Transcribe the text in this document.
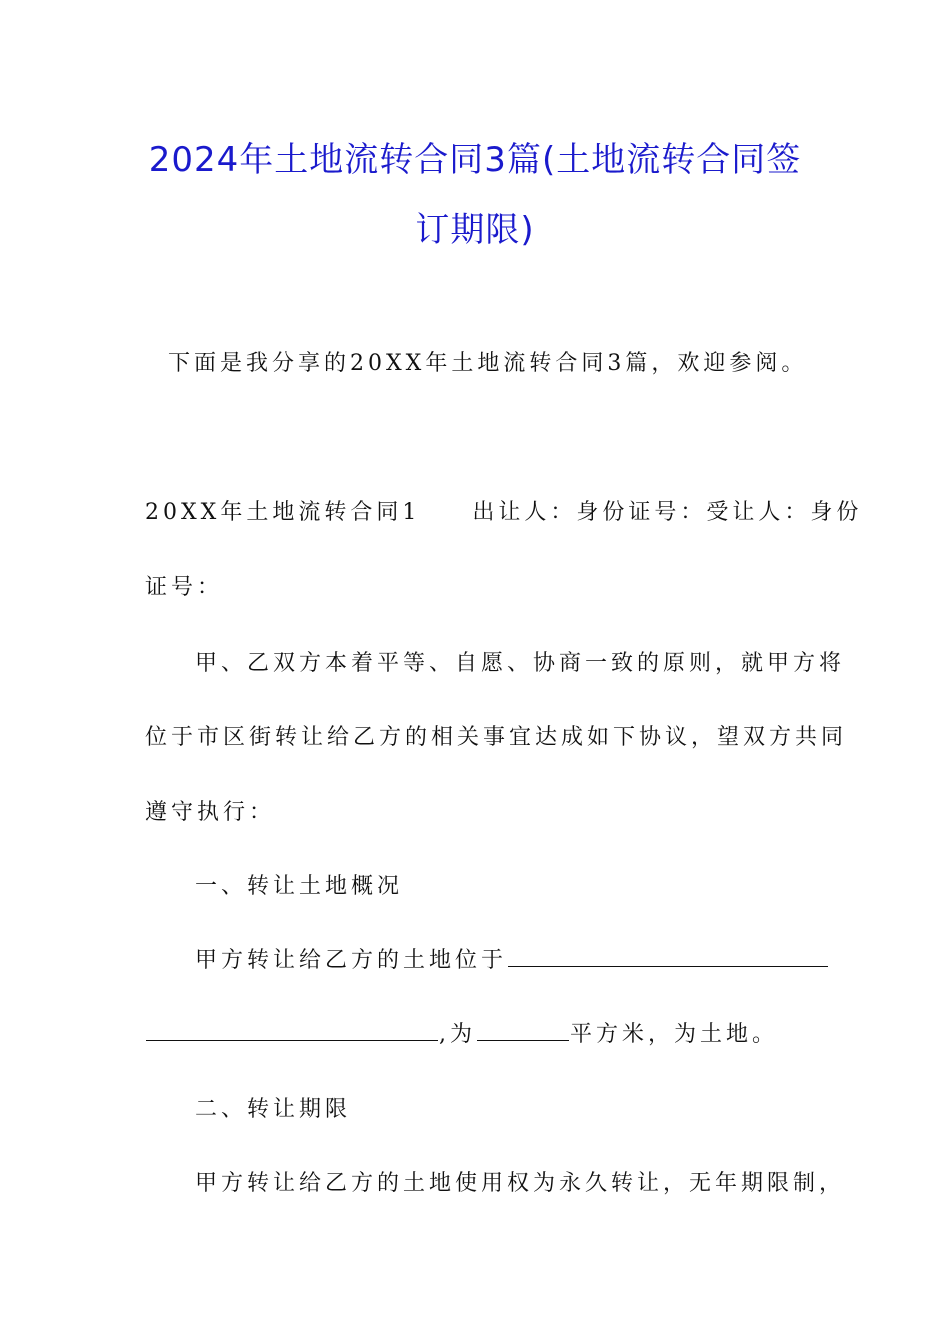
2024年土地流转合同3篇(土地流转合同签
订期限)

下面是我分享的20XX年土地流转合同3篇，欢迎参阅。

20XX年土地流转合同1　　出让人：身份证号：受让人：身份

证号：

甲、乙双方本着平等、自愿、协商一致的原则，就甲方将

位于市区街转让给乙方的相关事宜达成如下协议，望双方共同

遵守执行：

一、转让土地概况

甲方转让给乙方的土地位于

,为	平方米，为土地。

二、转让期限

甲方转让给乙方的土地使用权为永久转让，无年期限制，
